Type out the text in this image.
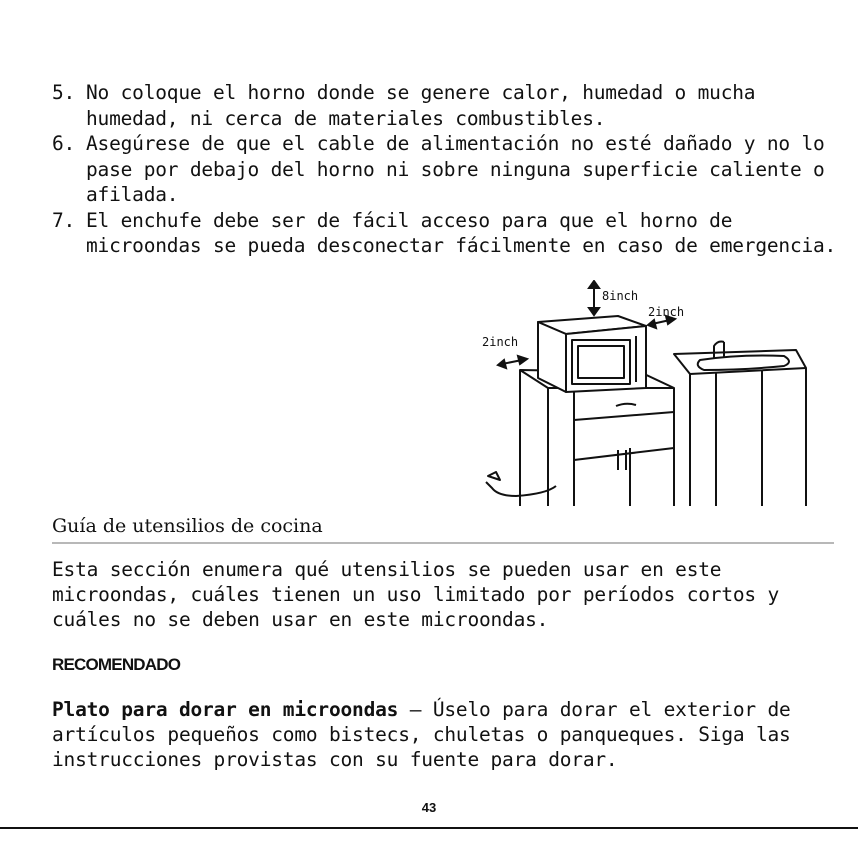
5. No coloque el horno donde se genere calor, humedad o mucha humedad, ni cerca de materiales combustibles.
6. Asegúrese de que el cable de alimentación no esté dañado y no lo pase por debajo del horno ni sobre ninguna superficie caliente o afilada.
7. El enchufe debe ser de fácil acceso para que el horno de microondas se pueda desconectar fácilmente en caso de emergencia.
8inch
2inch
2inch
Guía de utensilios de cocina
Esta sección enumera qué utensilios se pueden usar en este microondas, cuáles tienen un uso limitado por períodos cortos y cuáles no se deben usar en este microondas.
RECOMENDADO
Plato para dorar en microondas – Úselo para dorar el exterior de artículos pequeños como bistecs, chuletas o panqueques. Siga las instrucciones provistas con su fuente para dorar.
43
